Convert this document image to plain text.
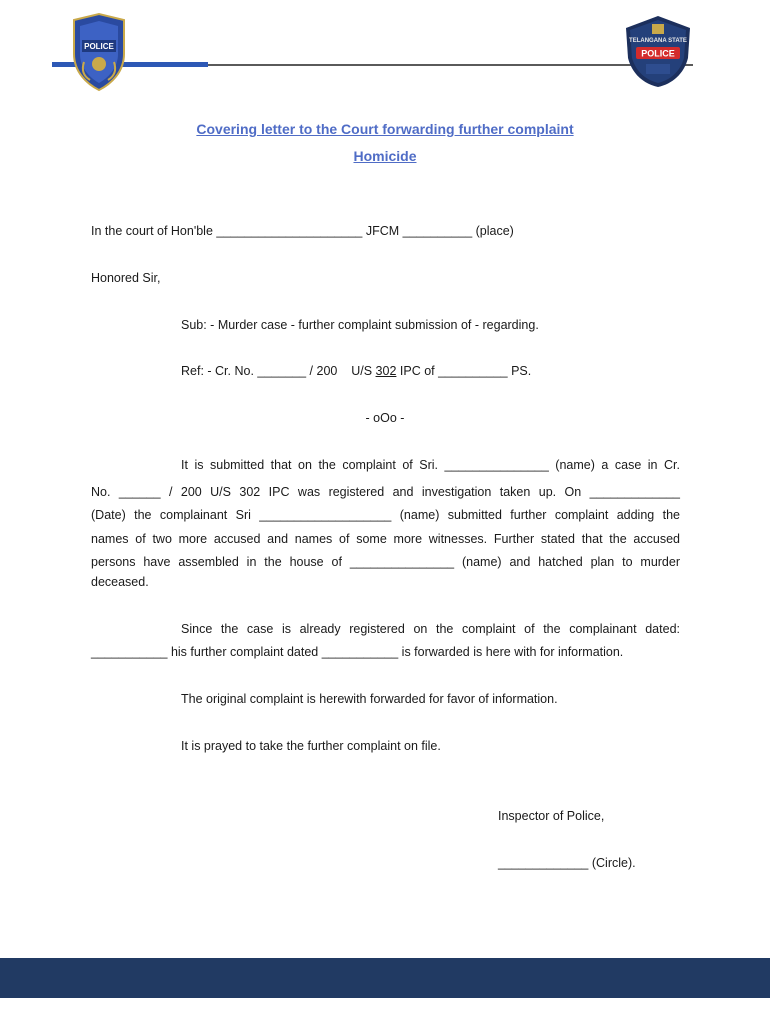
POLICE
TELANGANA STATE
POLICE
Covering letter to the Court forwarding further complaint
Homicide
In the court of Hon'ble _____________________ JFCM __________ (place)
Honored Sir,
Sub: - Murder case - further complaint submission of - regarding.
Ref: - Cr. No. _______ / 200    U/S 302 IPC of __________ PS.
- oOo -
It is submitted that on the complaint of Sri. _______________ (name) a case in Cr.
No. ______ / 200 U/S 302 IPC was registered and investigation taken up. On _____________
(Date) the complainant Sri ___________________ (name) submitted further complaint adding the
names of two more accused and names of some more witnesses. Further stated that the accused
persons have assembled in the house of _______________ (name) and hatched plan to murder
deceased.
Since the case is already registered on the complaint of the complainant dated:
___________ his further complaint dated ___________ is forwarded is here with for information.
The original complaint is herewith forwarded for favor of information.
It is prayed to take the further complaint on file.
Inspector of Police,
_____________ (Circle).
